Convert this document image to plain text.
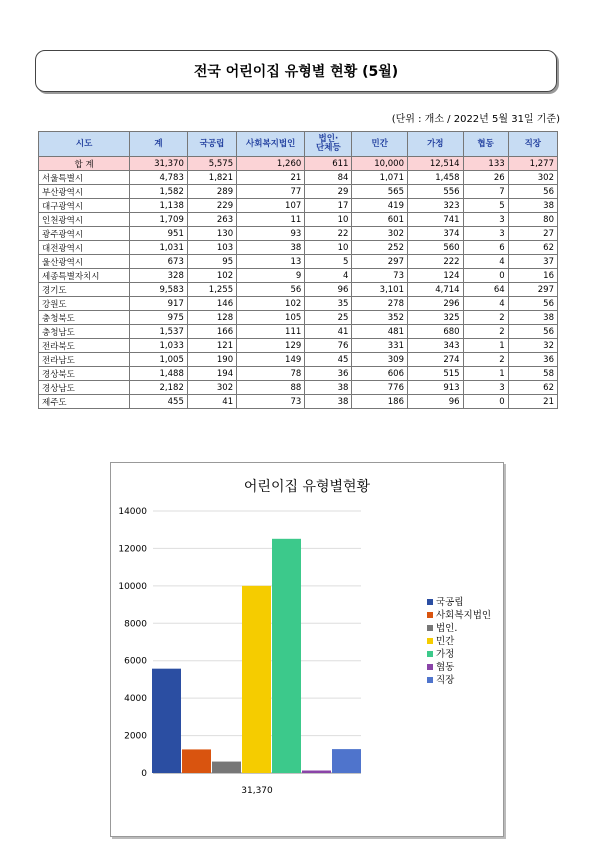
전국 어린이집 유형별 현황 (5월)
(단위 : 개소 / 2022년 5월 31일 기준)
시도	계	국공립	사회복지법인	법인·
단체등	민간	가정	협동	직장
합 계	31,370	5,575	1,260	611	10,000	12,514	133	1,277
서울특별시	4,783	1,821	21	84	1,071	1,458	26	302
부산광역시	1,582	289	77	29	565	556	7	56
대구광역시	1,138	229	107	17	419	323	5	38
인천광역시	1,709	263	11	10	601	741	3	80
광주광역시	951	130	93	22	302	374	3	27
대전광역시	1,031	103	38	10	252	560	6	62
울산광역시	673	95	13	5	297	222	4	37
세종특별자치시	328	102	9	4	73	124	0	16
경기도	9,583	1,255	56	96	3,101	4,714	64	297
강원도	917	146	102	35	278	296	4	56
충청북도	975	128	105	25	352	325	2	38
충청남도	1,537	166	111	41	481	680	2	56
전라북도	1,033	121	129	76	331	343	1	32
전라남도	1,005	190	149	45	309	274	2	36
경상북도	1,488	194	78	36	606	515	1	58
경상남도	2,182	302	88	38	776	913	3	62
제주도	455	41	73	38	186	96	0	21
어린이집 유형별현황
0
2000
4000
6000
8000
10000
12000
14000
31,370
국공립
사회복지법인
법인.
민간
가정
협동
직장
